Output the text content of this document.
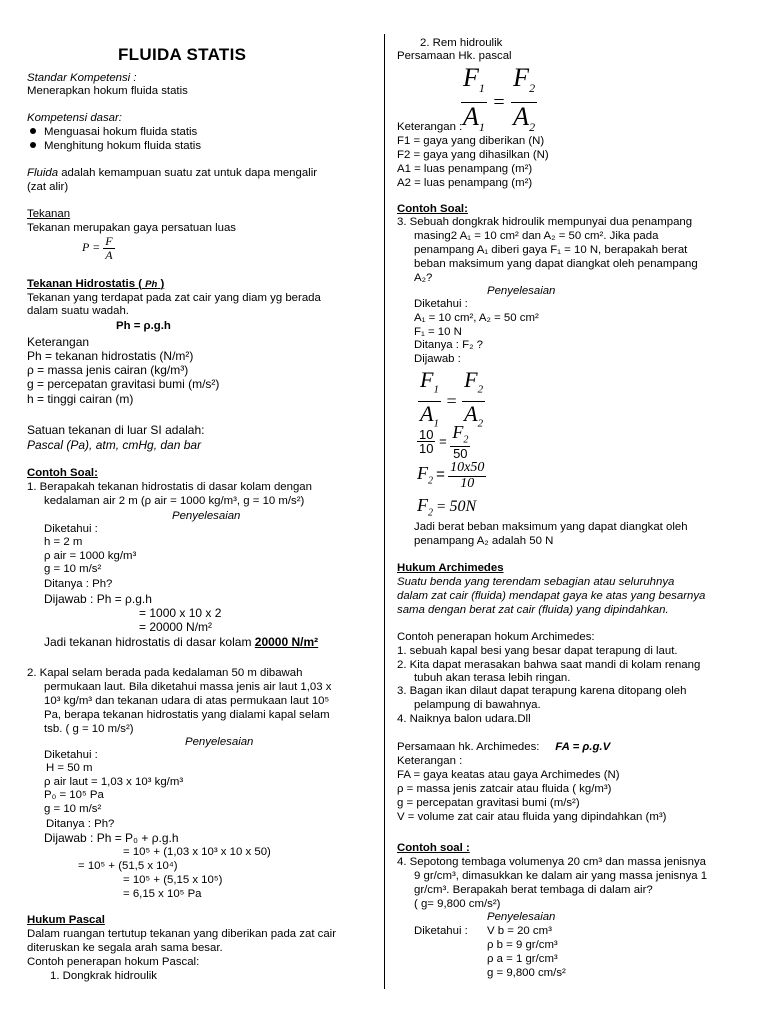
FLUIDA STATIS
Standar Kompetensi :
Menerapkan hokum fluida statis
Kompetensi dasar:
Menguasai hokum fluida statis
Menghitung hokum fluida statis
Fluida adalah kemampuan suatu zat untuk dapa mengalir
(zat alir)
Tekanan
Tekanan merupakan gaya persatuan luas
$P = \frac{F}{A}$
Tekanan Hidrostatis ( Ph )
Tekanan yang terdapat pada zat cair yang diam yg berada
dalam suatu wadah.
Ph = ρ.g.h
Keterangan
Ph = tekanan hidrostatis (N/m²)
ρ = massa jenis cairan (kg/m³)
g = percepatan gravitasi bumi (m/s²)
h = tinggi cairan (m)
Satuan tekanan di luar SI adalah:
Pascal (Pa), atm, cmHg, dan bar
Contoh Soal:
1. Berapakah tekanan hidrostatis di dasar kolam dengan
kedalaman air 2 m (ρ air = 1000 kg/m³, g = 10 m/s²)
Penyelesaian
Diketahui :
h = 2 m
ρ air = 1000 kg/m³
g = 10 m/s²
Ditanya : Ph?
Dijawab : Ph = ρ.g.h
= 1000 x 10 x 2
= 20000 N/m²
Jadi tekanan hidrostatis di dasar kolam 20000 N/m²
2. Kapal selam berada pada kedalaman 50 m dibawah
permukaan laut. Bila diketahui massa jenis air laut 1,03 x
10³ kg/m³ dan tekanan udara di atas permukaan laut 10⁵
Pa, berapa tekanan hidrostatis yang dialami kapal selam
tsb. ( g = 10 m/s²)
Penyelesaian
Diketahui :
H = 50 m
ρ air laut = 1,03 x 10³ kg/m³
P₀ = 10⁵ Pa
g = 10 m/s²
Ditanya : Ph?
Dijawab : Ph = P₀ + ρ.g.h
= 10⁵ + (1,03 x 10³ x 10 x 50)
= 10⁵ + (51,5 x 10⁴)
= 10⁵ + (5,15 x 10⁵)
= 6,15 x 10⁵ Pa
Hukum Pascal
Dalam ruangan tertutup tekanan yang diberikan pada zat cair
diteruskan ke segala arah sama besar.
Contoh penerapan hokum Pascal:
1. Dongkrak hidroulik
2. Rem hidroulik
Persamaan Hk. pascal
$\frac{F_1}{A_1} = \frac{F_2}{A_2}$
Keterangan :
F1 = gaya yang diberikan (N)
F2 = gaya yang dihasilkan (N)
A1 = luas penampang (m²)
A2 = luas penampang (m²)
Contoh Soal:
3. Sebuah dongkrak hidroulik mempunyai dua penampang
masing2 A₁ = 10 cm² dan A₂ = 50 cm². Jika pada
penampang A₁ diberi gaya F₁ = 10 N, berapakah berat
beban maksimum yang dapat diangkat oleh penampang
A₂?
Penyelesaian
Diketahui :
A₁ = 10 cm², A₂ = 50 cm²
F₁ = 10 N
Ditanya : F₂ ?
Dijawab :
$\frac{F_1}{A_1} = \frac{F_2}{A_2}$
$\frac{10}{10} = \frac{F_2}{50}$
$F_2 = \frac{10x50}{10}$
$F_2 = 50N$
Jadi berat beban maksimum yang dapat diangkat oleh
penampang A₂ adalah 50 N
Hukum Archimedes
Suatu benda yang terendam sebagian atau seluruhnya
dalam zat cair (fluida) mendapat gaya ke atas yang besarnya
sama dengan berat zat cair (fluida) yang dipindahkan.
Contoh penerapan hokum Archimedes:
1. sebuah kapal besi yang besar dapat terapung di laut.
2. Kita dapat merasakan bahwa saat mandi di kolam renang
tubuh akan terasa lebih ringan.
3. Bagan ikan dilaut dapat terapung karena ditopang oleh
pelampung di bawahnya.
4. Naiknya balon udara.Dll
Persamaan hk. Archimedes: FA = ρ.g.V
Keterangan :
FA = gaya keatas atau gaya Archimedes (N)
ρ = massa jenis zatcair atau fluida ( kg/m³)
g = percepatan gravitasi bumi (m/s²)
V = volume zat cair atau fluida yang dipindahkan (m³)
Contoh soal :
4. Sepotong tembaga volumenya 20 cm³ dan massa jenisnya
9 gr/cm³, dimasukkan ke dalam air yang massa jenisnya 1
gr/cm³. Berapakah berat tembaga di dalam air?
( g= 9,800 cm/s²)
Penyelesaian
Diketahui : V b = 20 cm³
ρ b = 9 gr/cm³
ρ a = 1 gr/cm³
g = 9,800 cm/s²
